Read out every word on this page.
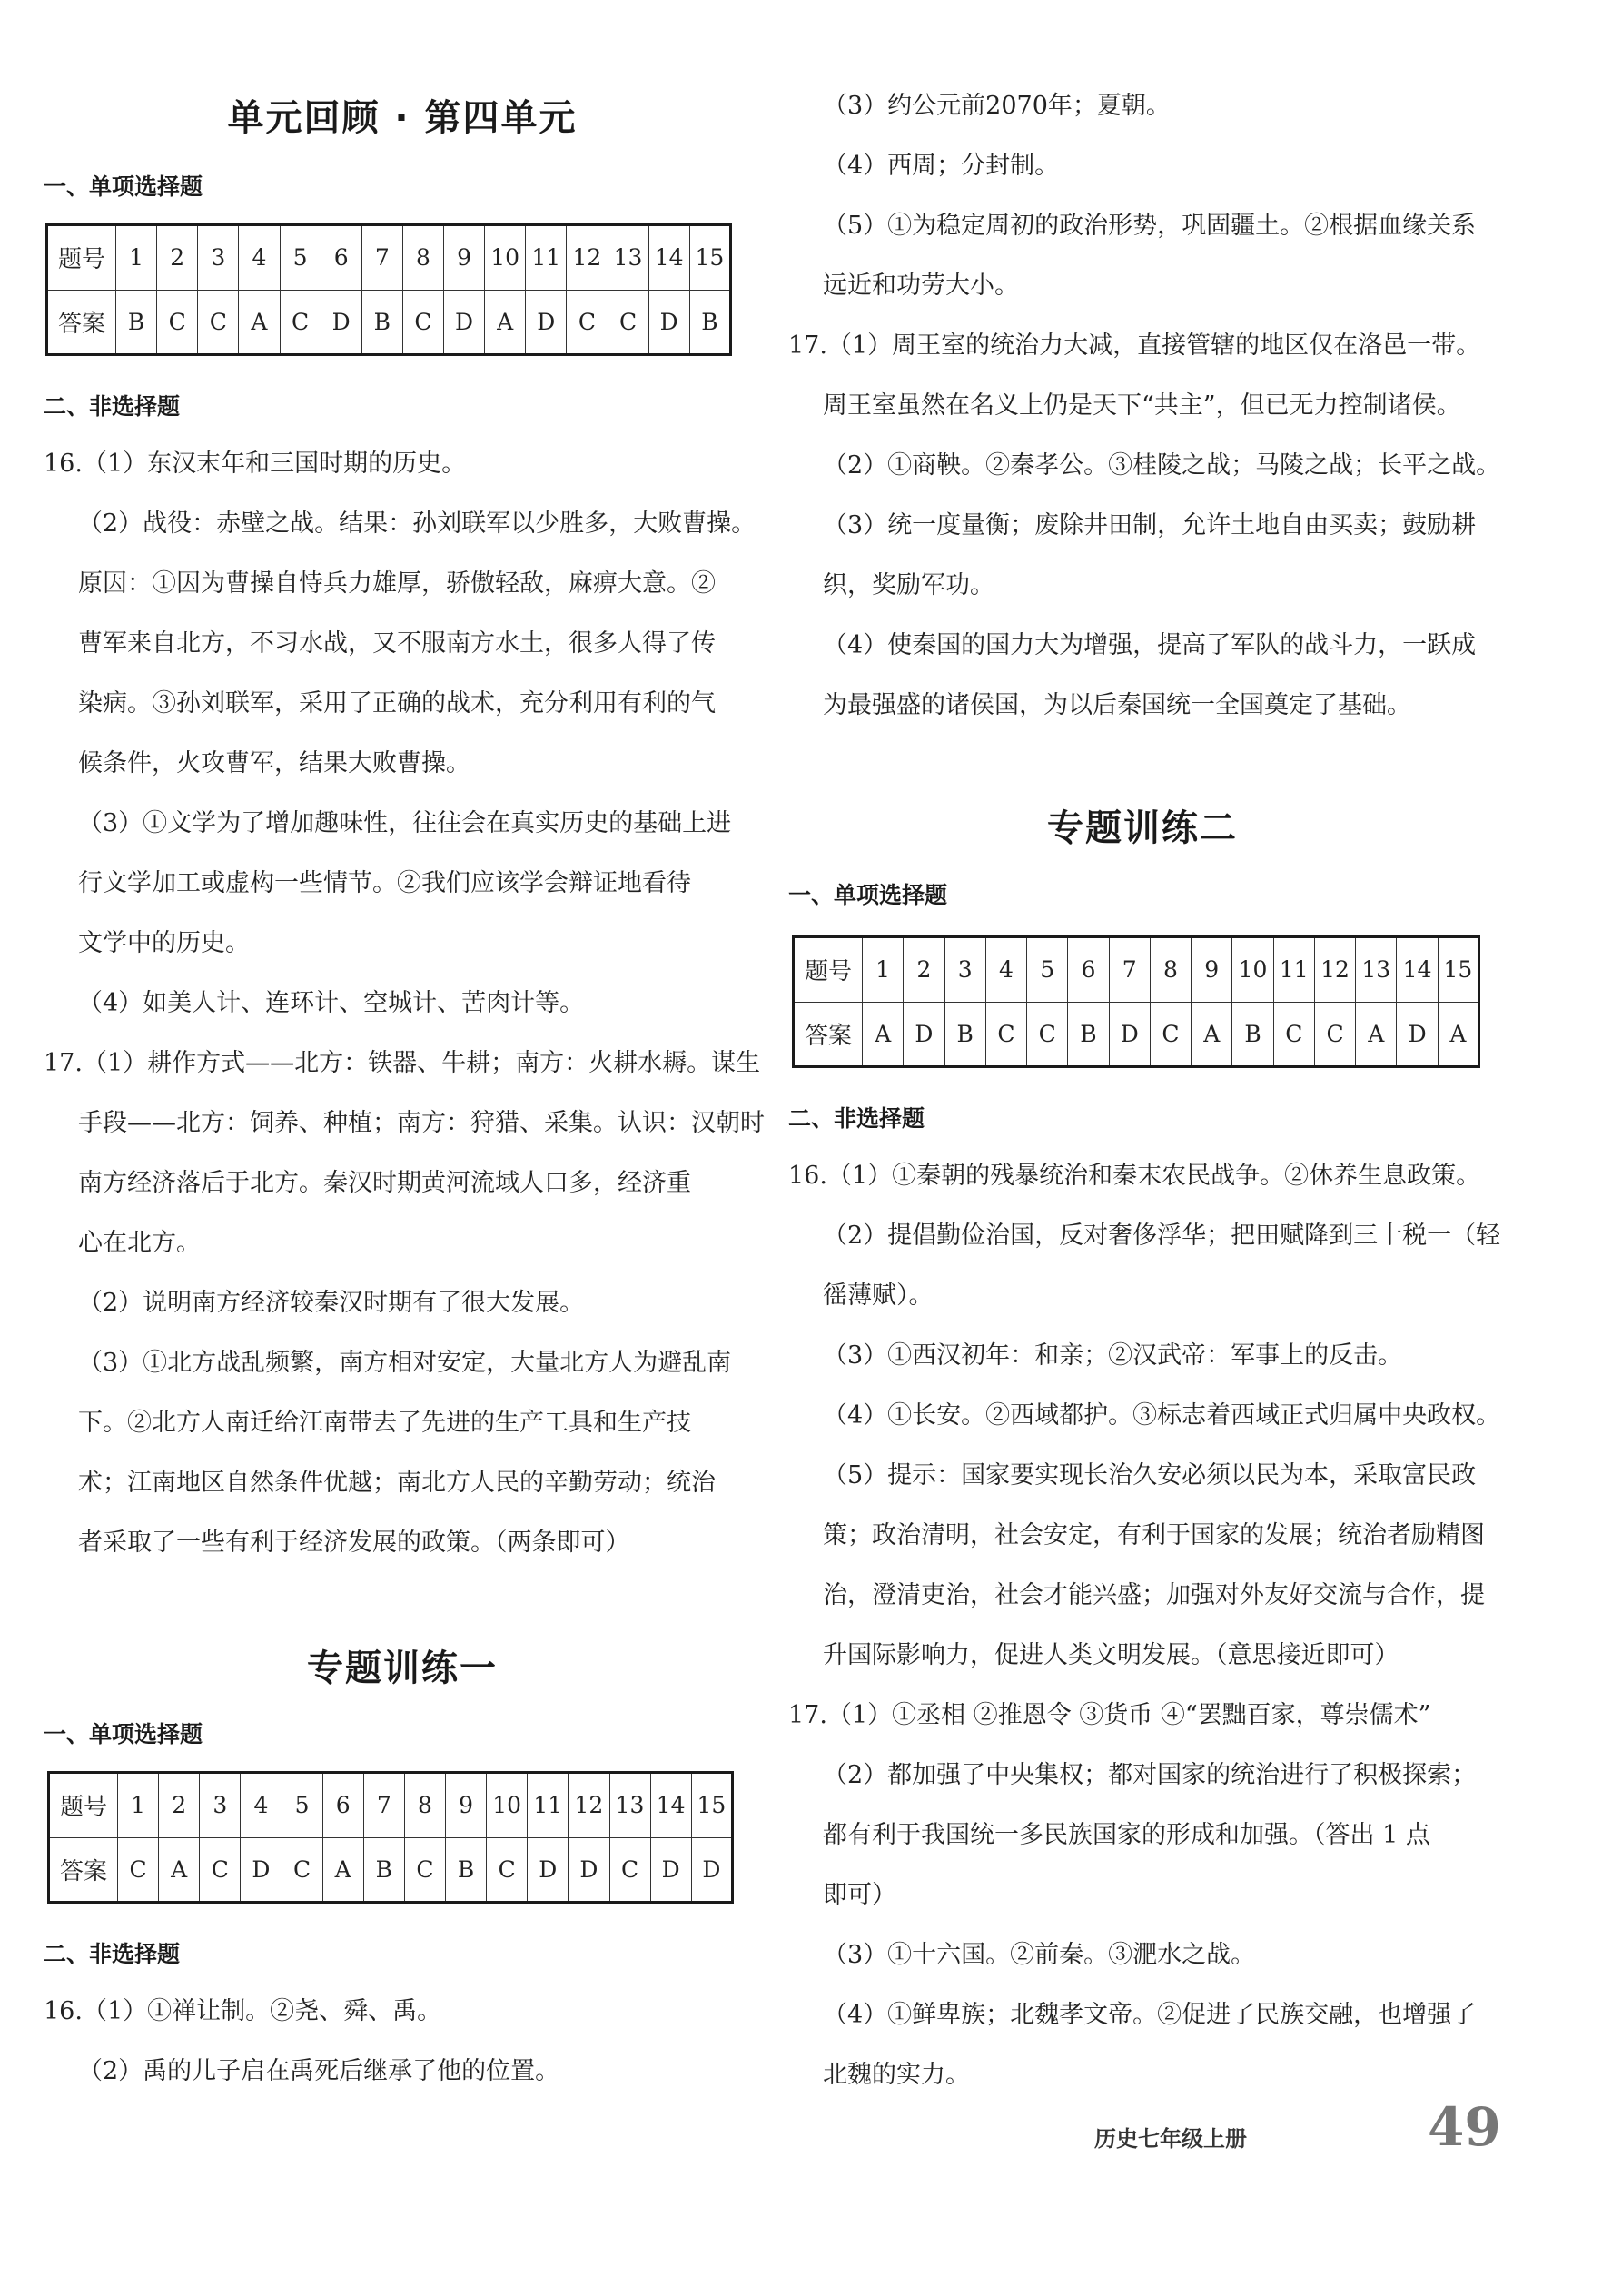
单元回顾 · 第四单元
一、单项选择题
题号	1	2	3	4	5	6	7	8	9	10	11	12	13	14	15
答案	B	C	C	A	C	D	B	C	D	A	D	C	C	D	B
二、非选择题
16.（1）东汉末年和三国时期的历史。
（2）战役：赤壁之战。结果：孙刘联军以少胜多，大败曹操。
原因：①因为曹操自恃兵力雄厚，骄傲轻敌，麻痹大意。②
曹军来自北方，不习水战，又不服南方水土，很多人得了传
染病。③孙刘联军，采用了正确的战术，充分利用有利的气
候条件，火攻曹军，结果大败曹操。
（3）①文学为了增加趣味性，往往会在真实历史的基础上进
行文学加工或虚构一些情节。②我们应该学会辩证地看待
文学中的历史。
（4）如美人计、连环计、空城计、苦肉计等。
17.（1）耕作方式——北方：铁器、牛耕；南方：火耕水耨。谋生
手段——北方：饲养、种植；南方：狩猎、采集。认识：汉朝时
南方经济落后于北方。秦汉时期黄河流域人口多，经济重
心在北方。
（2）说明南方经济较秦汉时期有了很大发展。
（3）①北方战乱频繁，南方相对安定，大量北方人为避乱南
下。②北方人南迁给江南带去了先进的生产工具和生产技
术；江南地区自然条件优越；南北方人民的辛勤劳动；统治
者采取了一些有利于经济发展的政策。（两条即可）
专题训练一
一、单项选择题
题号	1	2	3	4	5	6	7	8	9	10	11	12	13	14	15
答案	C	A	C	D	C	A	B	C	B	C	D	D	C	D	D
二、非选择题
16.（1）①禅让制。②尧、舜、禹。
（2）禹的儿子启在禹死后继承了他的位置。
（3）约公元前2070年；夏朝。
（4）西周；分封制。
（5）①为稳定周初的政治形势，巩固疆土。②根据血缘关系
远近和功劳大小。
17.（1）周王室的统治力大减，直接管辖的地区仅在洛邑一带。
周王室虽然在名义上仍是天下“共主”，但已无力控制诸侯。
（2）①商鞅。②秦孝公。③桂陵之战；马陵之战；长平之战。
（3）统一度量衡；废除井田制，允许土地自由买卖；鼓励耕
织，奖励军功。
（4）使秦国的国力大为增强，提高了军队的战斗力，一跃成
为最强盛的诸侯国，为以后秦国统一全国奠定了基础。
专题训练二
一、单项选择题
题号	1	2	3	4	5	6	7	8	9	10	11	12	13	14	15
答案	A	D	B	C	C	B	D	C	A	B	C	C	A	D	A
二、非选择题
16.（1）①秦朝的残暴统治和秦末农民战争。②休养生息政策。
（2）提倡勤俭治国，反对奢侈浮华；把田赋降到三十税一（轻
徭薄赋）。
（3）①西汉初年：和亲；②汉武帝：军事上的反击。
（4）①长安。②西域都护。③标志着西域正式归属中央政权。
（5）提示：国家要实现长治久安必须以民为本，采取富民政
策；政治清明，社会安定，有利于国家的发展；统治者励精图
治，澄清吏治，社会才能兴盛；加强对外友好交流与合作，提
升国际影响力，促进人类文明发展。（意思接近即可）
17.（1）①丞相 ②推恩令 ③货币 ④“罢黜百家，尊崇儒术”
（2）都加强了中央集权；都对国家的统治进行了积极探索；
都有利于我国统一多民族国家的形成和加强。（答出 1 点
即可）
（3）①十六国。②前秦。③淝水之战。
（4）①鲜卑族；北魏孝文帝。②促进了民族交融，也增强了
北魏的实力。
历史七年级上册	49
